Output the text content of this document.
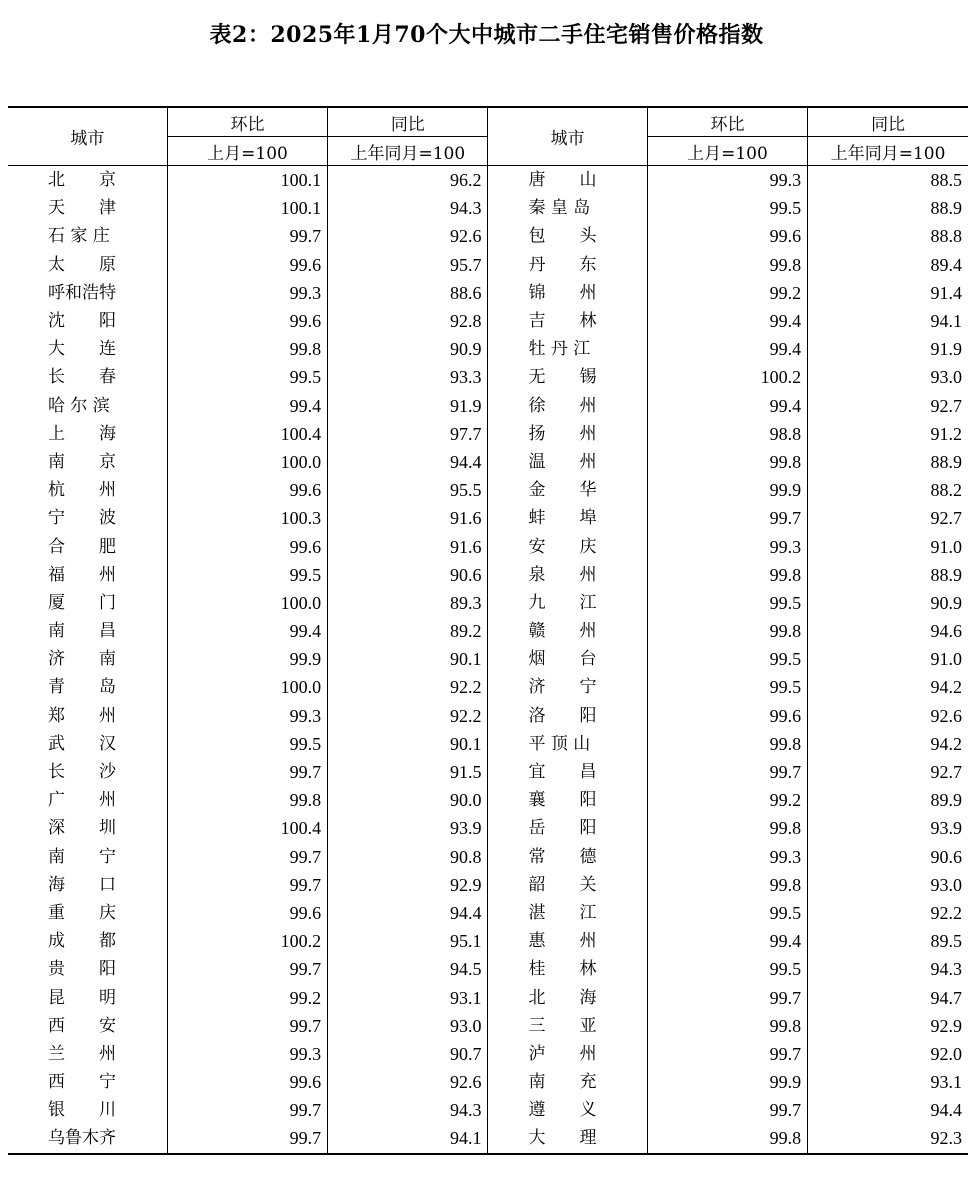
表2：2025年1月70个大中城市二手住宅销售价格指数
城市	环比	同比	城市	环比	同比
	上月=100	上年同月=100		上月=100	上年同月=100
北　　京	100.1	96.2	唐　　山	99.3	88.5
天　　津	100.1	94.3	秦 皇 岛	99.5	88.9
石 家 庄	99.7	92.6	包　　头	99.6	88.8
太　　原	99.6	95.7	丹　　东	99.8	89.4
呼和浩特	99.3	88.6	锦　　州	99.2	91.4
沈　　阳	99.6	92.8	吉　　林	99.4	94.1
大　　连	99.8	90.9	牡 丹 江	99.4	91.9
长　　春	99.5	93.3	无　　锡	100.2	93.0
哈 尔 滨	99.4	91.9	徐　　州	99.4	92.7
上　　海	100.4	97.7	扬　　州	98.8	91.2
南　　京	100.0	94.4	温　　州	99.8	88.9
杭　　州	99.6	95.5	金　　华	99.9	88.2
宁　　波	100.3	91.6	蚌　　埠	99.7	92.7
合　　肥	99.6	91.6	安　　庆	99.3	91.0
福　　州	99.5	90.6	泉　　州	99.8	88.9
厦　　门	100.0	89.3	九　　江	99.5	90.9
南　　昌	99.4	89.2	赣　　州	99.8	94.6
济　　南	99.9	90.1	烟　　台	99.5	91.0
青　　岛	100.0	92.2	济　　宁	99.5	94.2
郑　　州	99.3	92.2	洛　　阳	99.6	92.6
武　　汉	99.5	90.1	平 顶 山	99.8	94.2
长　　沙	99.7	91.5	宜　　昌	99.7	92.7
广　　州	99.8	90.0	襄　　阳	99.2	89.9
深　　圳	100.4	93.9	岳　　阳	99.8	93.9
南　　宁	99.7	90.8	常　　德	99.3	90.6
海　　口	99.7	92.9	韶　　关	99.8	93.0
重　　庆	99.6	94.4	湛　　江	99.5	92.2
成　　都	100.2	95.1	惠　　州	99.4	89.5
贵　　阳	99.7	94.5	桂　　林	99.5	94.3
昆　　明	99.2	93.1	北　　海	99.7	94.7
西　　安	99.7	93.0	三　　亚	99.8	92.9
兰　　州	99.3	90.7	泸　　州	99.7	92.0
西　　宁	99.6	92.6	南　　充	99.9	93.1
银　　川	99.7	94.3	遵　　义	99.7	94.4
乌鲁木齐	99.7	94.1	大　　理	99.8	92.3
